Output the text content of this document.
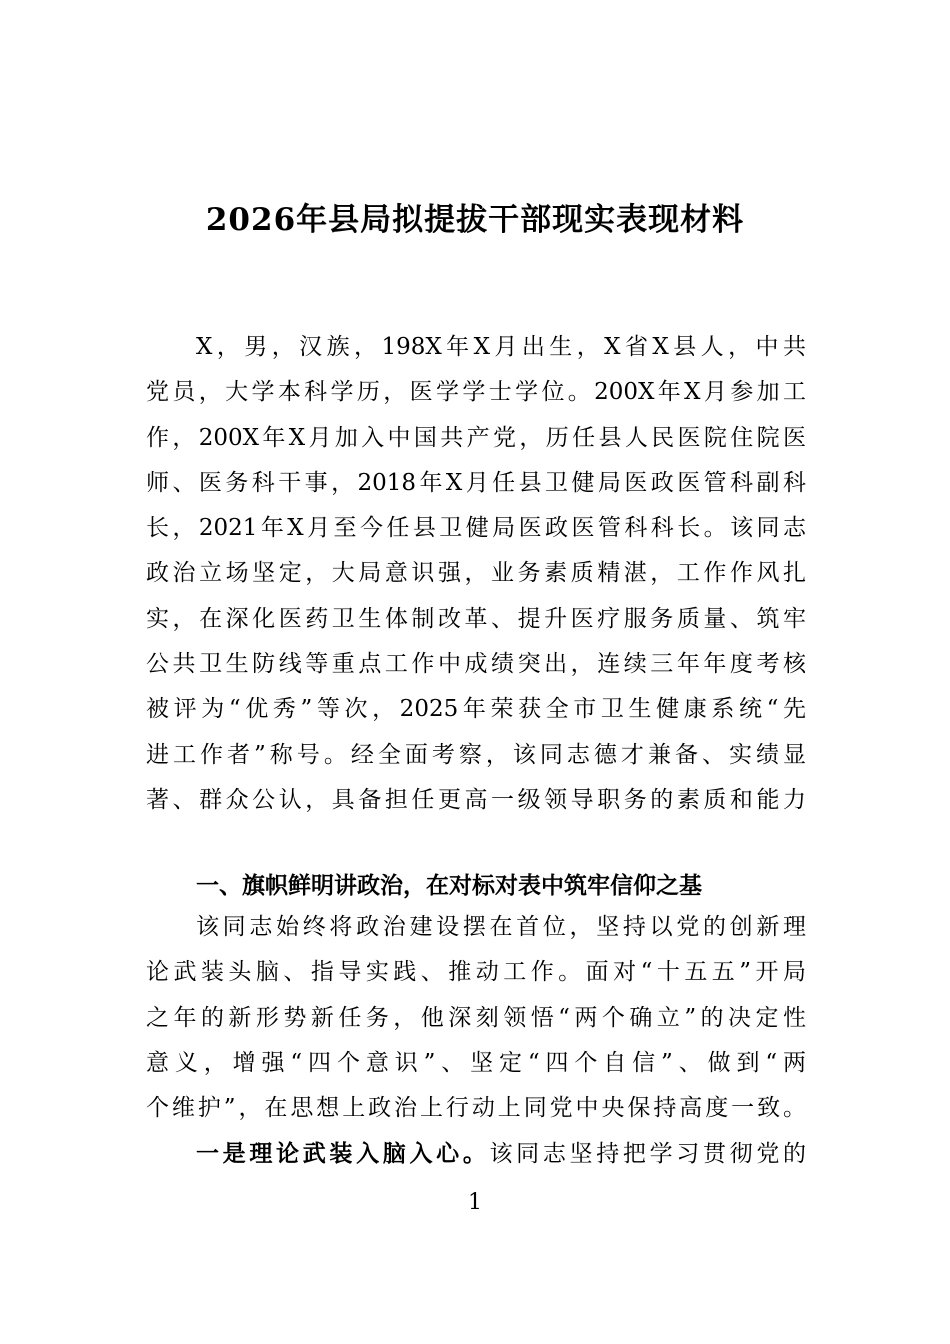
2026年县局拟提拔干部现实表现材料
X，男，汉族，198X年X月出生，X省X县人，中共
党员，大学本科学历，医学学士学位。200X年X月参加工
作，200X年X月加入中国共产党，历任县人民医院住院医
师、医务科干事，2018年X月任县卫健局医政医管科副科
长，2021年X月至今任县卫健局医政医管科科长。该同志
政治立场坚定，大局意识强，业务素质精湛，工作作风扎
实，在深化医药卫生体制改革、提升医疗服务质量、筑牢
公共卫生防线等重点工作中成绩突出，连续三年年度考核
被评为“优秀”等次，2025年荣获全市卫生健康系统“先
进工作者”称号。经全面考察，该同志德才兼备、实绩显
著、群众公认，具备担任更高一级领导职务的素质和能力
一、旗帜鲜明讲政治，在对标对表中筑牢信仰之基
该同志始终将政治建设摆在首位，坚持以党的创新理
论武装头脑、指导实践、推动工作。面对“十五五”开局
之年的新形势新任务，他深刻领悟“两个确立”的决定性
意义，增强“四个意识”、坚定“四个自信”、做到“两
个维护”，在思想上政治上行动上同党中央保持高度一致。
一是理论武装入脑入心。该同志坚持把学习贯彻党的
1
